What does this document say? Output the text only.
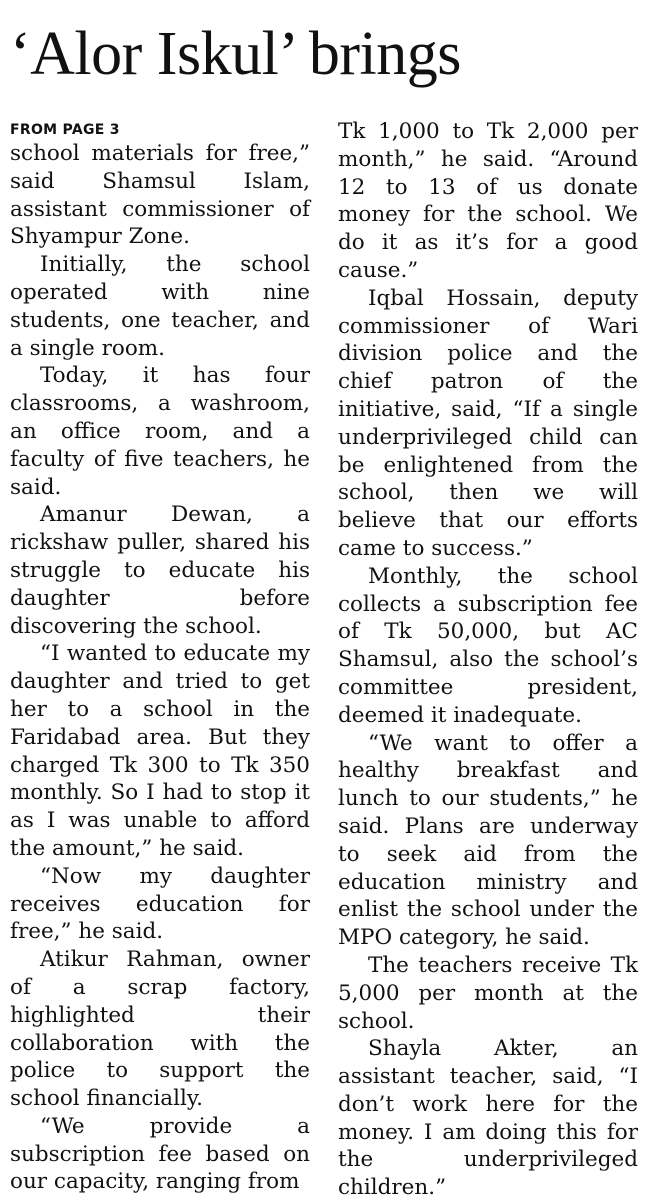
‘Alor Iskul’ brings
FROM PAGE 3

school materials for free,” said Shamsul Islam, assistant commissioner of Shyampur Zone.

Initially, the school operated with nine students, one teacher, and a single room.

Today, it has four classrooms, a washroom, an office room, and a faculty of five teachers, he said.

Amanur Dewan, a rickshaw puller, shared his struggle to educate his daughter before discovering the school.

“I wanted to educate my daughter and tried to get her to a school in the Faridabad area. But they charged Tk 300 to Tk 350 monthly. So I had to stop it as I was unable to afford the amount,” he said.

“Now my daughter receives education for free,” he said.

Atikur Rahman, owner of a scrap factory, highlighted their collaboration with the police to support the school financially.

“We provide a subscription fee based on our capacity, ranging from

Tk 1,000 to Tk 2,000 per month,” he said. “Around 12 to 13 of us donate money for the school. We do it as it’s for a good cause.”

Iqbal Hossain, deputy commissioner of Wari division police and the chief patron of the initiative, said, “If a single underprivileged child can be enlightened from the school, then we will believe that our efforts came to success.”

Monthly, the school collects a subscription fee of Tk 50,000, but AC Shamsul, also the school’s committee president, deemed it inadequate.

“We want to offer a healthy breakfast and lunch to our students,” he said. Plans are underway to seek aid from the education ministry and enlist the school under the MPO category, he said.

The teachers receive Tk 5,000 per month at the school.

Shayla Akter, an assistant teacher, said, “I don’t work here for the money. I am doing this for the underprivileged children.”
